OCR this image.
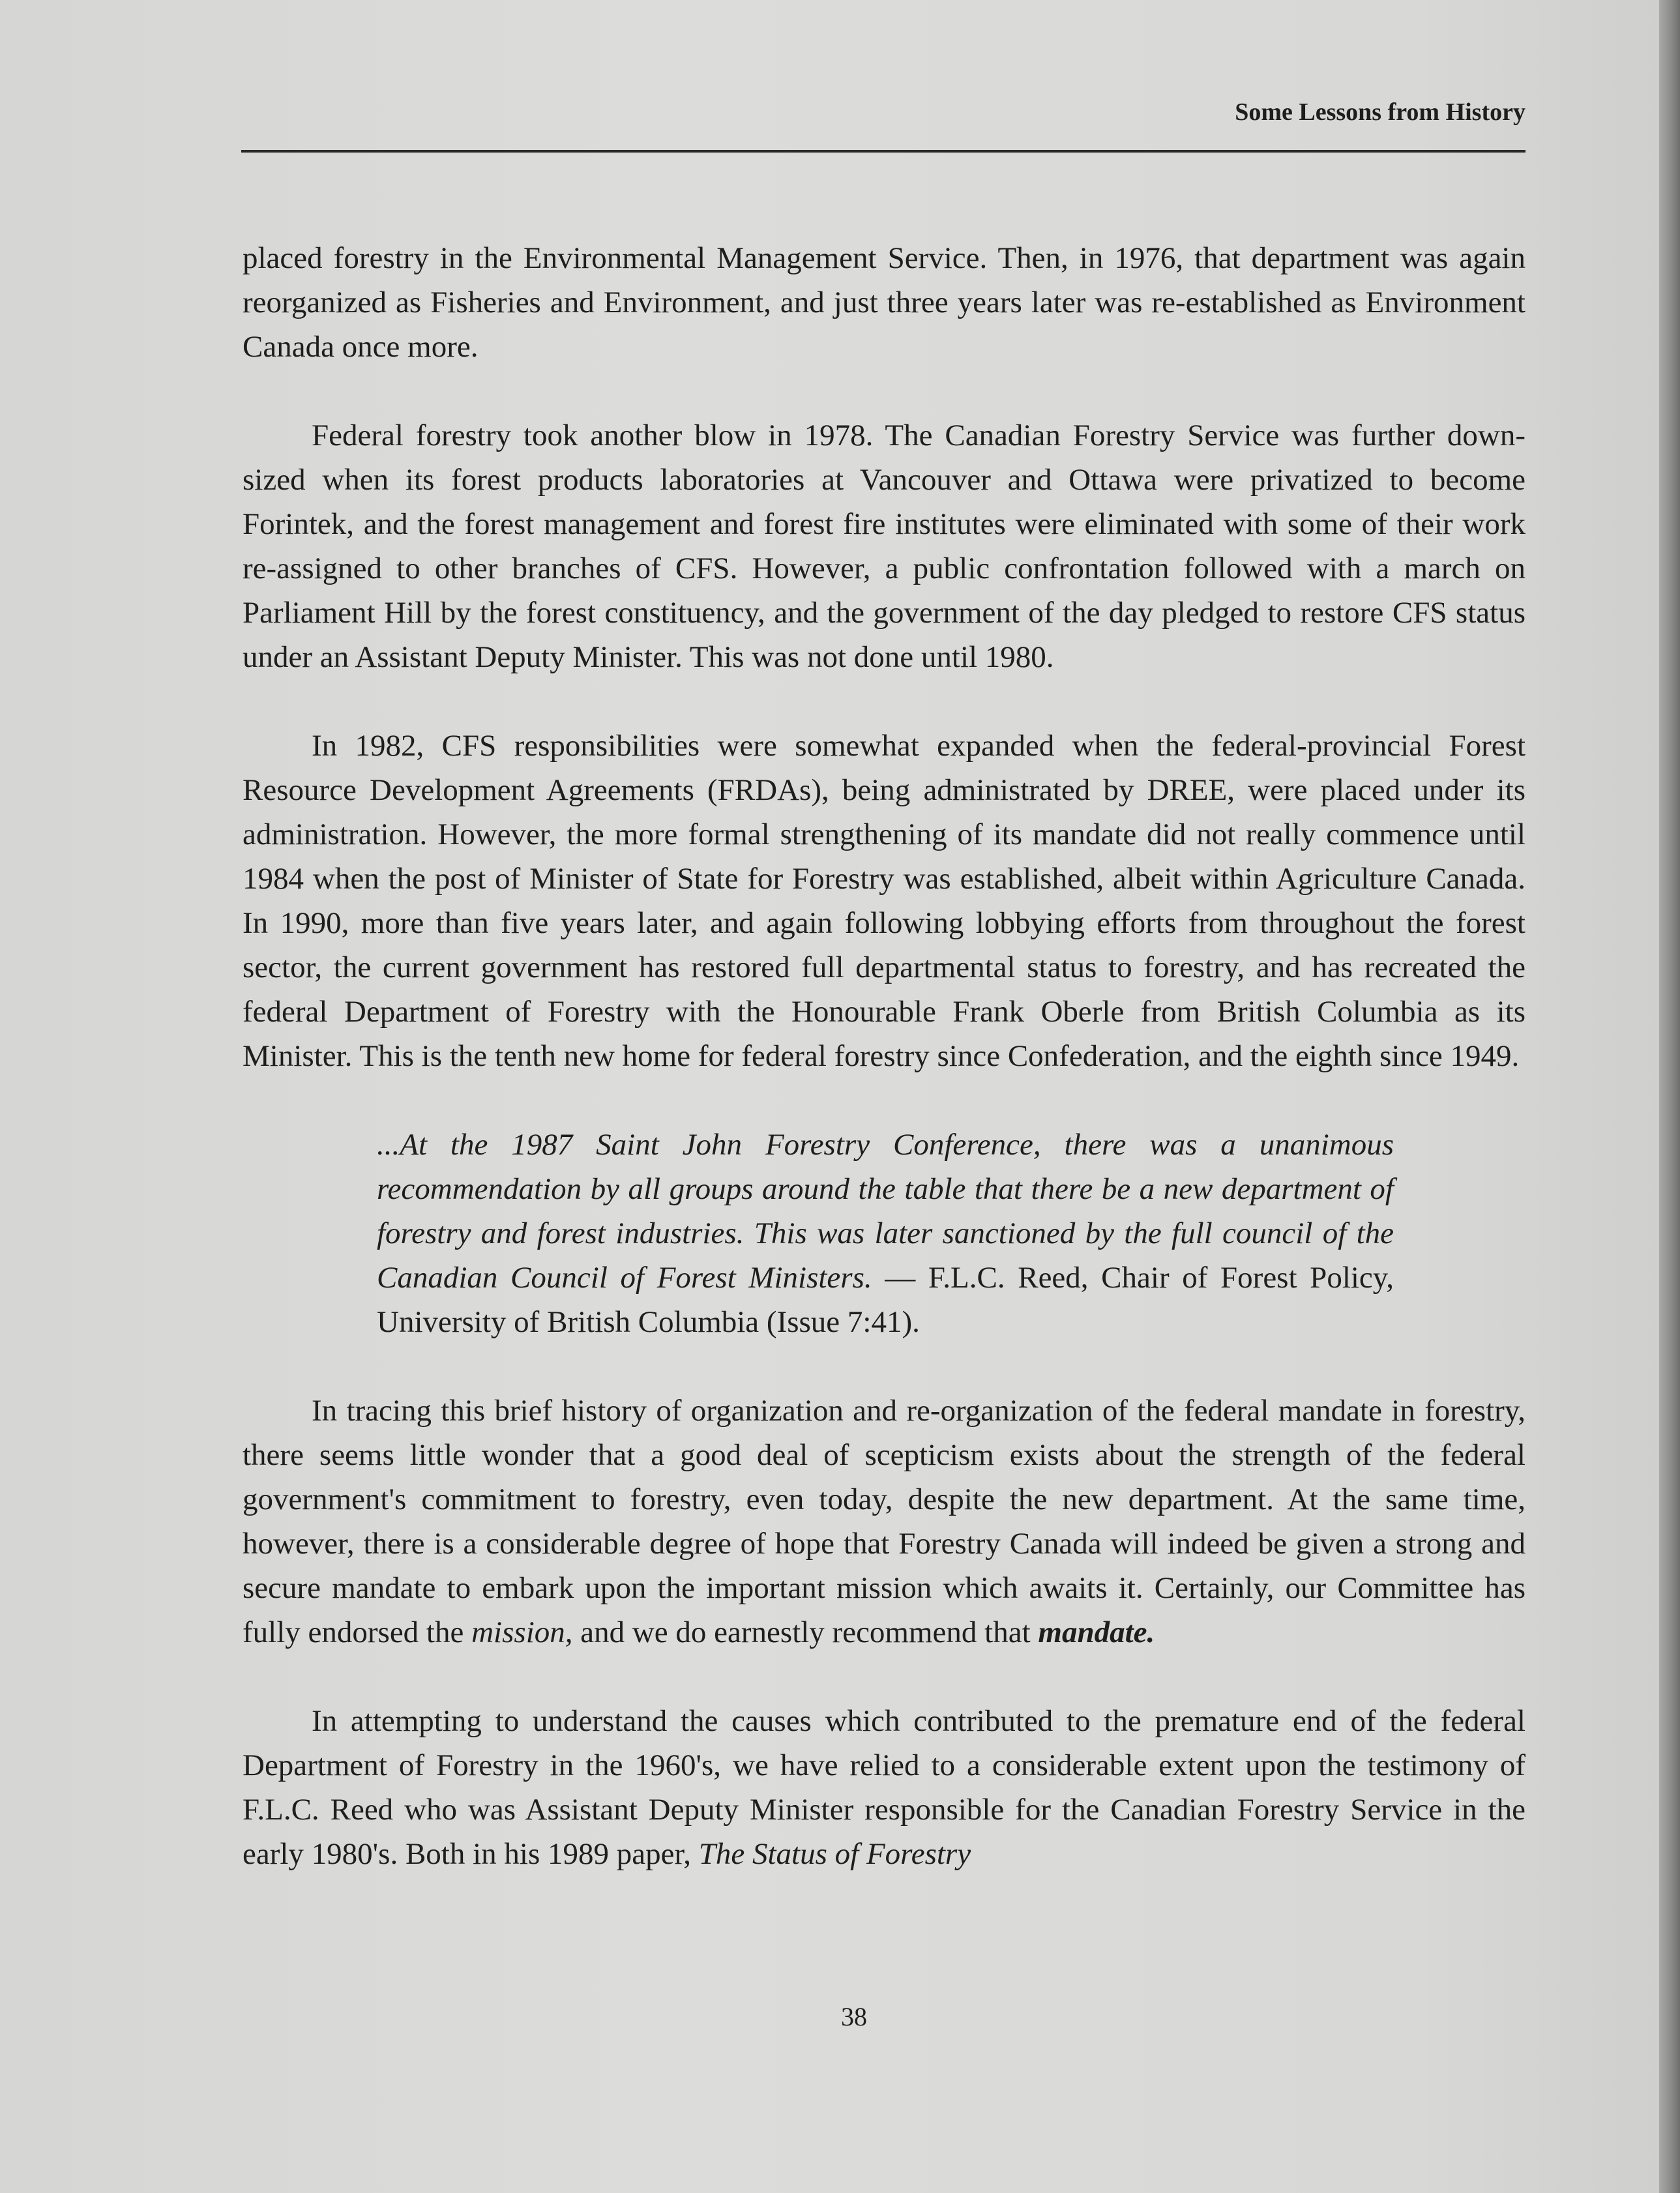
Some Lessons from History

placed forestry in the Environmental Management Service. Then, in 1976, that department was again reorganized as Fisheries and Environment, and just three years later was re-established as Environment Canada once more.

Federal forestry took another blow in 1978. The Canadian Forestry Service was further down-sized when its forest products laboratories at Vancouver and Ottawa were privatized to become Forintek, and the forest management and forest fire institutes were eliminated with some of their work re-assigned to other branches of CFS. However, a public confrontation followed with a march on Parliament Hill by the forest constituency, and the government of the day pledged to restore CFS status under an Assistant Deputy Minister. This was not done until 1980.

In 1982, CFS responsibilities were somewhat expanded when the federal-provincial Forest Resource Development Agreements (FRDAs), being administrated by DREE, were placed under its administration. However, the more formal strengthening of its mandate did not really commence until 1984 when the post of Minister of State for Forestry was established, albeit within Agriculture Canada. In 1990, more than five years later, and again following lobbying efforts from throughout the forest sector, the current government has restored full departmental status to forestry, and has recreated the federal Department of Forestry with the Honourable Frank Oberle from British Columbia as its Minister. This is the tenth new home for federal forestry since Confederation, and the eighth since 1949.

...At the 1987 Saint John Forestry Conference, there was a unanimous recommendation by all groups around the table that there be a new department of forestry and forest industries. This was later sanctioned by the full council of the Canadian Council of Forest Ministers. — F.L.C. Reed, Chair of Forest Policy, University of British Columbia (Issue 7:41).

In tracing this brief history of organization and re-organization of the federal mandate in forestry, there seems little wonder that a good deal of scepticism exists about the strength of the federal government's commitment to forestry, even today, despite the new department. At the same time, however, there is a considerable degree of hope that Forestry Canada will indeed be given a strong and secure mandate to embark upon the important mission which awaits it. Certainly, our Committee has fully endorsed the mission, and we do earnestly recommend that mandate.

In attempting to understand the causes which contributed to the premature end of the federal Department of Forestry in the 1960's, we have relied to a considerable extent upon the testimony of F.L.C. Reed who was Assistant Deputy Minister responsible for the Canadian Forestry Service in the early 1980's. Both in his 1989 paper, The Status of Forestry

38
